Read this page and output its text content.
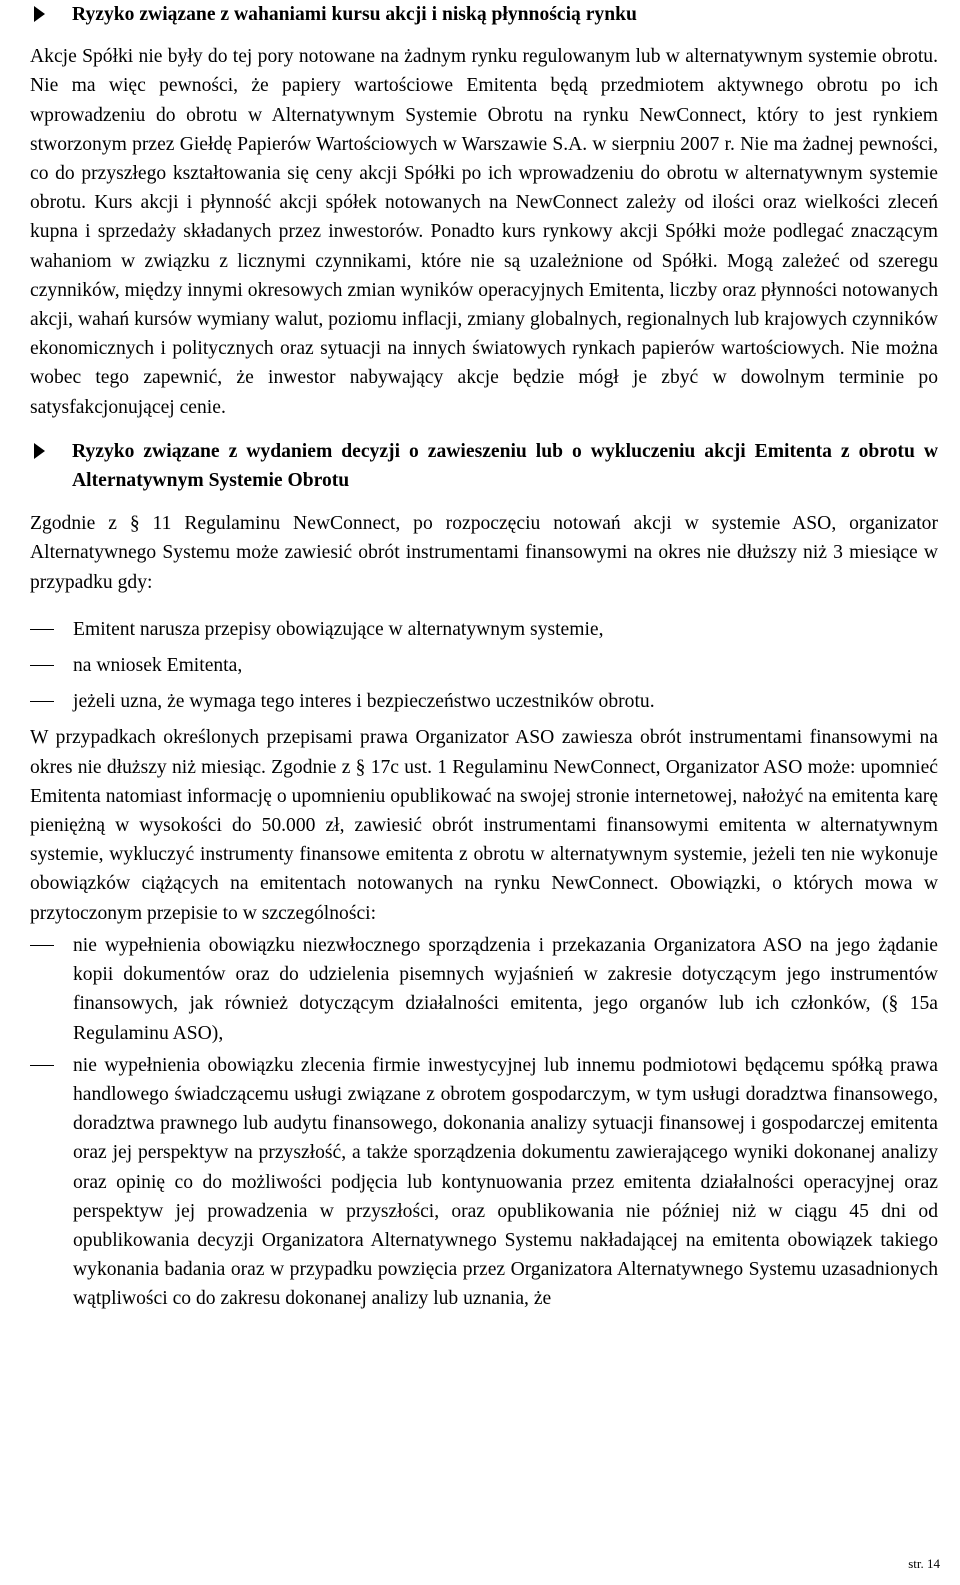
Ryzyko związane z wahaniami kursu akcji i niską płynnością rynku

Akcje Spółki nie były do tej pory notowane na żadnym rynku regulowanym lub w alternatywnym systemie obrotu. Nie ma więc pewności, że papiery wartościowe Emitenta będą przedmiotem aktywnego obrotu po ich wprowadzeniu do obrotu w Alternatywnym Systemie Obrotu na rynku NewConnect, który to jest rynkiem stworzonym przez Giełdę Papierów Wartościowych w Warszawie S.A. w sierpniu 2007 r. Nie ma żadnej pewności, co do przyszłego kształtowania się ceny akcji Spółki po ich wprowadzeniu do obrotu w alternatywnym systemie obrotu. Kurs akcji i płynność akcji spółek notowanych na NewConnect zależy od ilości oraz wielkości zleceń kupna i sprzedaży składanych przez inwestorów. Ponadto kurs rynkowy akcji Spółki może podlegać znaczącym wahaniom w związku z licznymi czynnikami, które nie są uzależnione od Spółki. Mogą zależeć od szeregu czynników, między innymi okresowych zmian wyników operacyjnych Emitenta, liczby oraz płynności notowanych akcji, wahań kursów wymiany walut, poziomu inflacji, zmiany globalnych, regionalnych lub krajowych czynników ekonomicznych i politycznych oraz sytuacji na innych światowych rynkach papierów wartościowych. Nie można wobec tego zapewnić, że inwestor nabywający akcje będzie mógł je zbyć w dowolnym terminie po satysfakcjonującej cenie.

Ryzyko związane z wydaniem decyzji o zawieszeniu lub o wykluczeniu akcji Emitenta z obrotu w Alternatywnym Systemie Obrotu

Zgodnie z § 11 Regulaminu NewConnect, po rozpoczęciu notowań akcji w systemie ASO, organizator Alternatywnego Systemu może zawiesić obrót instrumentami finansowymi na okres nie dłuższy niż 3 miesiące w przypadku gdy:

Emitent narusza przepisy obowiązujące w alternatywnym systemie,
na wniosek Emitenta,
jeżeli uzna, że wymaga tego interes i bezpieczeństwo uczestników obrotu.

W przypadkach określonych przepisami prawa Organizator ASO zawiesza obrót instrumentami finansowymi na okres nie dłuższy niż miesiąc. Zgodnie z § 17c ust. 1 Regulaminu NewConnect, Organizator ASO może: upomnieć Emitenta natomiast informację o upomnieniu opublikować na swojej stronie internetowej, nałożyć na emitenta karę pieniężną w wysokości do 50.000 zł, zawiesić obrót instrumentami finansowymi emitenta w alternatywnym systemie, wykluczyć instrumenty finansowe emitenta z obrotu w alternatywnym systemie, jeżeli ten nie wykonuje obowiązków ciążących na emitentach notowanych na rynku NewConnect. Obowiązki, o których mowa w przytoczonym przepisie to w szczególności:

nie wypełnienia obowiązku niezwłocznego sporządzenia i przekazania Organizatora ASO na jego żądanie kopii dokumentów oraz do udzielenia pisemnych wyjaśnień w zakresie dotyczącym jego instrumentów finansowych, jak również dotyczącym działalności emitenta, jego organów lub ich członków, (§ 15a Regulaminu ASO),
nie wypełnienia obowiązku zlecenia firmie inwestycyjnej lub innemu podmiotowi będącemu spółką prawa handlowego świadczącemu usługi związane z obrotem gospodarczym, w tym usługi doradztwa finansowego, doradztwa prawnego lub audytu finansowego, dokonania analizy sytuacji finansowej i gospodarczej emitenta oraz jej perspektyw na przyszłość, a także sporządzenia dokumentu zawierającego wyniki dokonanej analizy oraz opinię co do możliwości podjęcia lub kontynuowania przez emitenta działalności operacyjnej oraz perspektyw jej prowadzenia w przyszłości, oraz opublikowania nie później niż w ciągu 45 dni od opublikowania decyzji Organizatora Alternatywnego Systemu nakładającej na emitenta obowiązek takiego wykonania badania oraz w przypadku powzięcia przez Organizatora Alternatywnego Systemu uzasadnionych wątpliwości co do zakresu dokonanej analizy lub uznania, że
str. 14
